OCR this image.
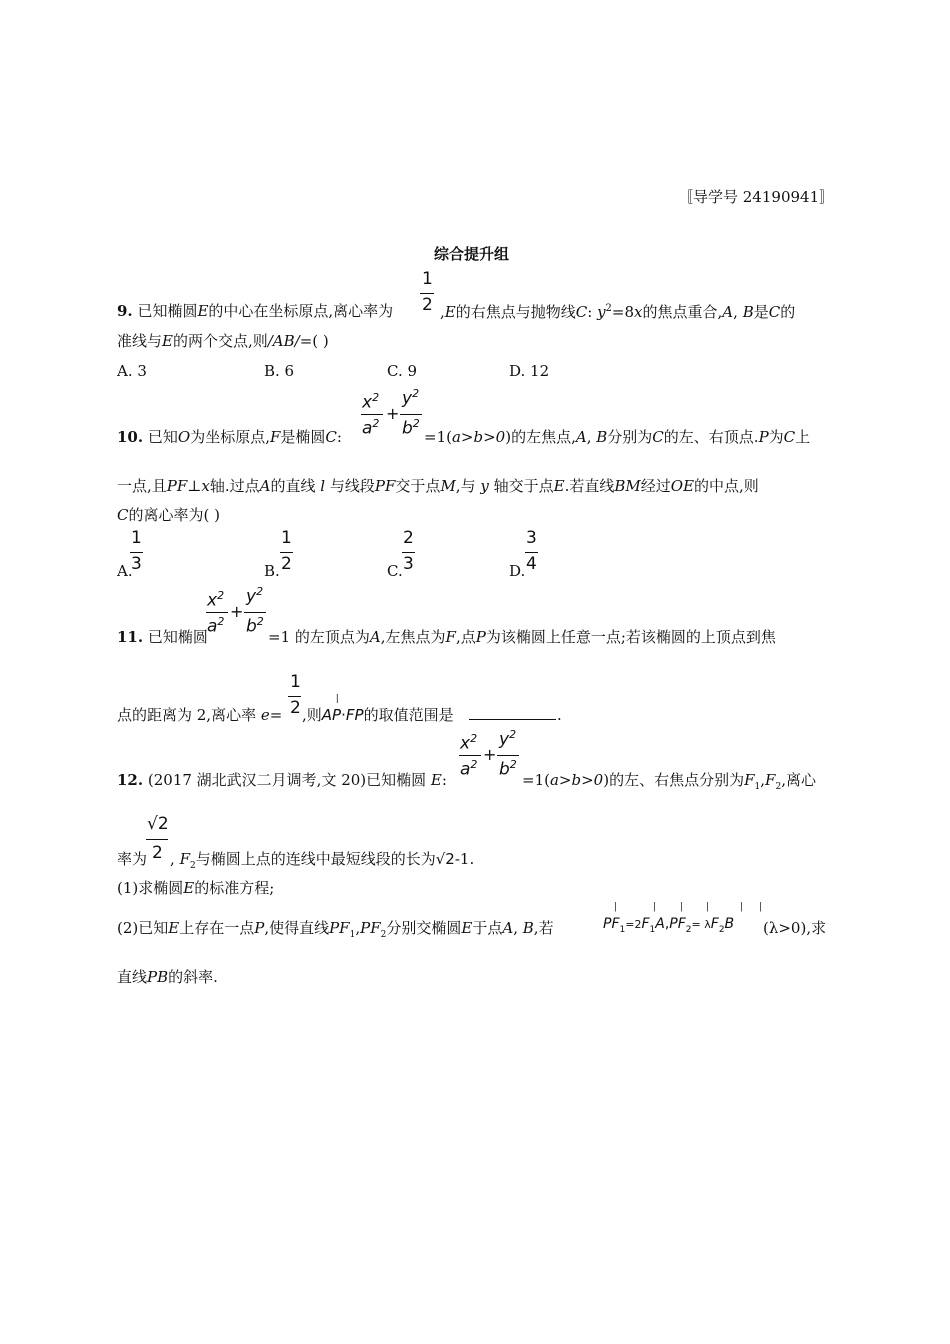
〚导学号 24190941〛
综合提升组
1
2
9. 已知椭圆E的中心在坐标原点,离心率为	,E的右焦点与抛物线C: $y^2=8x$的焦点重合,A, B是C的
准线与E的两个交点,则/AB/=( )
A. 3	B. 6	C. 9	D. 12
$x^2$
$a^2$
+
$y^2$
$b^2$
10. 已知O为坐标原点,F是椭圆C:	=1(a>b>0)的左焦点,A, B分别为C的左、右顶点.P为C上
一点,且PF⊥x轴.过点A的直线 l 与线段PF交于点M,与 y 轴交于点E.若直线BM经过OE的中点,则
C的离心率为( )
A.
1
3	B.
1
2	C.
2
3	D.
3
4
$x^2$
$a^2$
+
$y^2$
$b^2$
11. 已知椭圆	=1 的左顶点为A,左焦点为F,点P为该椭圆上任意一点;若该椭圆的上顶点到焦
1
2
点的距离为 2,离心率 e= ,则
|
AP·FP的取值范围是	.
$x^2$
$a^2$
+
$y^2$
$b^2$
12. (2017 湖北武汉二月调考,文 20)已知椭圆 E:	=1(a>b>0)的左、右焦点分别为$F_1,F_2$,离心
√2
2
率为 , $F_2$与椭圆上点的连线中最短线段的长为√2-1.
(1)求椭圆E的标准方程;
(2)已知E上存在一点P,使得直线$PF_1,PF_2$分别交椭圆E于点A, B,若	$PF_1=2F_1A,PF_2= \lambda F_2B$
|	|	|	|	| |
(λ>0),求
直线PB的斜率.
